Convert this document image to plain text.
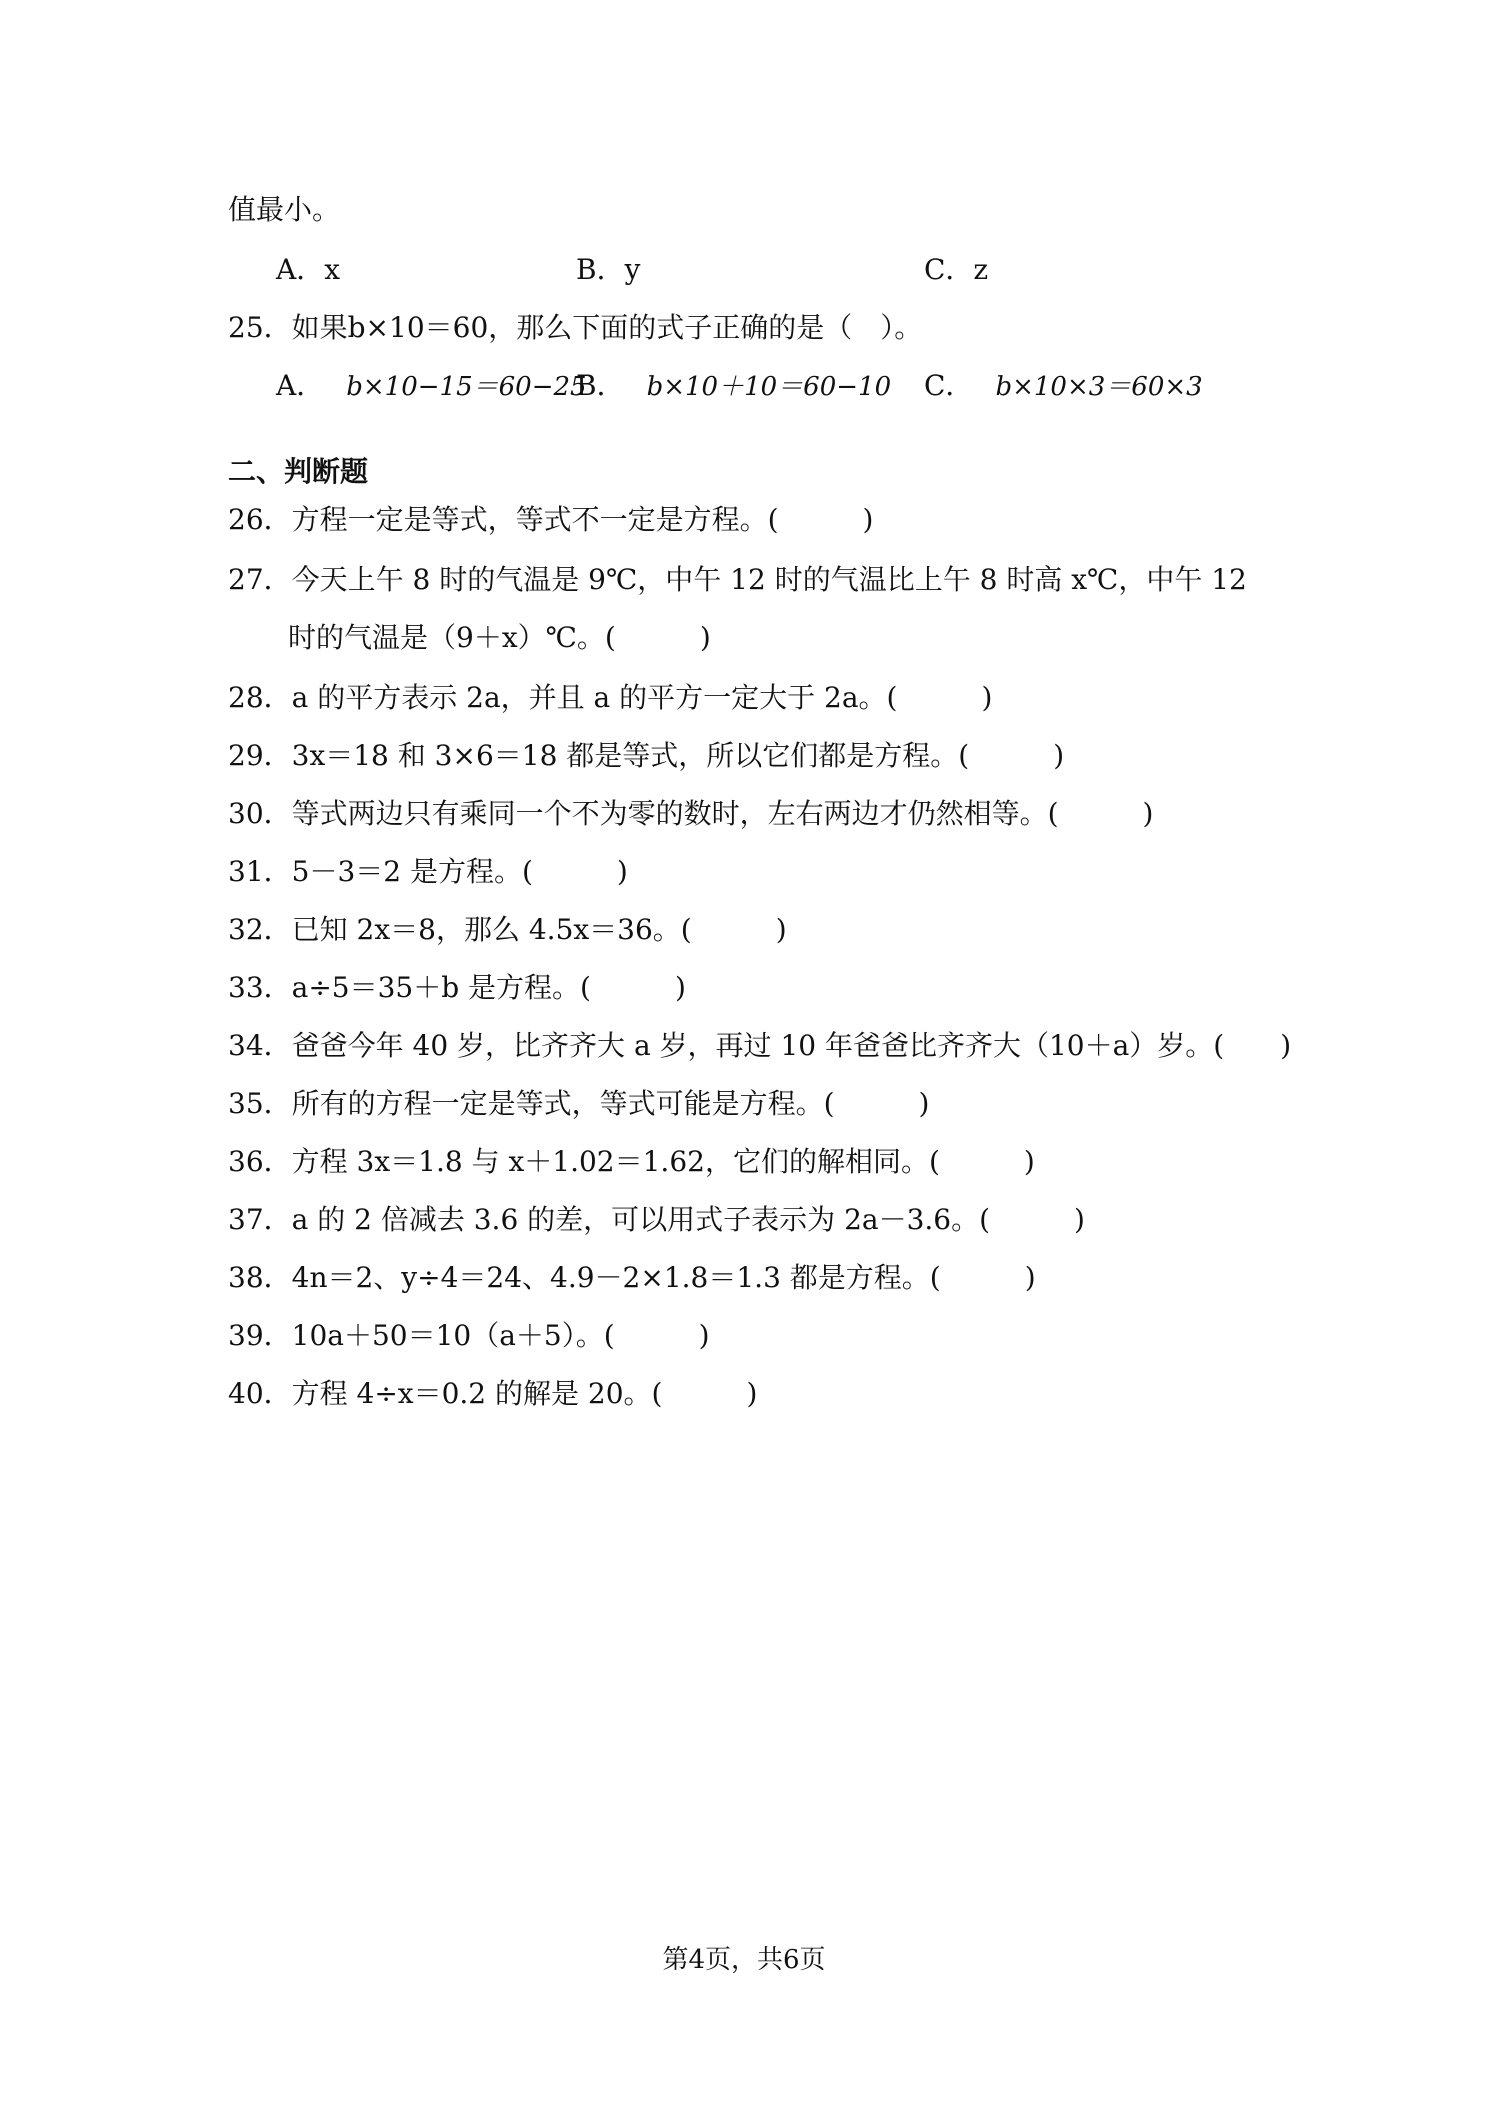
值最小。
A．x	B．y	C．z
25．如果b×10＝60，那么下面的式子正确的是（　）。
A． b×10−15＝60−25
B． b×10＋10＝60−10 C． b×10×3＝60×3
二、判断题
26．方程一定是等式，等式不一定是方程。(　　　)
27．今天上午 8 时的气温是 9℃，中午 12 时的气温比上午 8 时高 x℃，中午 12
时的气温是（9＋x）℃。(　　　)
28．a 的平方表示 2a，并且 a 的平方一定大于 2a。(　　　)
29．3x＝18 和 3×6＝18 都是等式，所以它们都是方程。(　　　)
30．等式两边只有乘同一个不为零的数时，左右两边才仍然相等。(　　　)
31．5－3＝2 是方程。(　　　)
32．已知 2x＝8，那么 4.5x＝36。(　　　)
33．a÷5＝35＋b 是方程。(　　　)
34．爸爸今年 40 岁，比齐齐大 a 岁，再过 10 年爸爸比齐齐大（10＋a）岁。(　　)
35．所有的方程一定是等式，等式可能是方程。(　　　)
36．方程 3x＝1.8 与 x＋1.02＝1.62，它们的解相同。(　　　)
37．a 的 2 倍减去 3.6 的差，可以用式子表示为 2a－3.6。(　　　)
38．4n＝2、y÷4＝24、4.9－2×1.8＝1.3 都是方程。(　　　)
39．10a＋50＝10（a＋5）。(　　　)
40．方程 4÷x＝0.2 的解是 20。(　　　)
第4页，共6页
